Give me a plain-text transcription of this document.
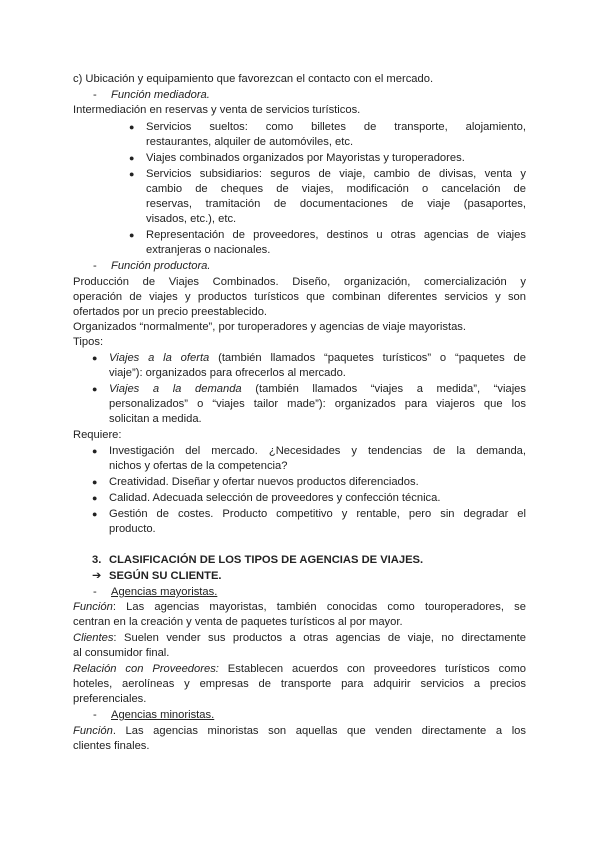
c) Ubicación y equipamiento que favorezcan el contacto con el mercado.
- Función mediadora.
Intermediación en reservas y venta de servicios turísticos.
● Servicios sueltos: como billetes de transporte, alojamiento,
restaurantes, alquiler de automóviles, etc.
● Viajes combinados organizados por Mayoristas y turoperadores.
● Servicios subsidiarios: seguros de viaje, cambio de divisas, venta y
cambio de cheques de viajes, modificación o cancelación de
reservas, tramitación de documentaciones de viaje (pasaportes,
visados, etc.), etc.
● Representación de proveedores, destinos u otras agencias de viajes
extranjeras o nacionales.
- Función productora.
Producción de Viajes Combinados. Diseño, organización, comercialización y
operación de viajes y productos turísticos que combinan diferentes servicios y son
ofertados por un precio preestablecido.
Organizados “normalmente”, por turoperadores y agencias de viaje mayoristas.
Tipos:
● Viajes a la oferta (también llamados “paquetes turísticos” o “paquetes de
viaje”): organizados para ofrecerlos al mercado.
● Viajes a la demanda (también llamados “viajes a medida”, “viajes
personalizados” o “viajes tailor made”): organizados para viajeros que los
solicitan a medida.
Requiere:
● Investigación del mercado. ¿Necesidades y tendencias de la demanda,
nichos y ofertas de la competencia?
● Creatividad. Diseñar y ofertar nuevos productos diferenciados.
● Calidad. Adecuada selección de proveedores y confección técnica.
● Gestión de costes. Producto competitivo y rentable, pero sin degradar el
producto.
3. CLASIFICACIÓN DE LOS TIPOS DE AGENCIAS DE VIAJES.
➔ SEGÚN SU CLIENTE.
- Agencias mayoristas.
Función: Las agencias mayoristas, también conocidas como touroperadores, se
centran en la creación y venta de paquetes turísticos al por mayor.
Clientes: Suelen vender sus productos a otras agencias de viaje, no directamente
al consumidor final.
Relación con Proveedores: Establecen acuerdos con proveedores turísticos como
hoteles, aerolíneas y empresas de transporte para adquirir servicios a precios
preferenciales.
- Agencias minoristas.
Función. Las agencias minoristas son aquellas que venden directamente a los
clientes finales.
